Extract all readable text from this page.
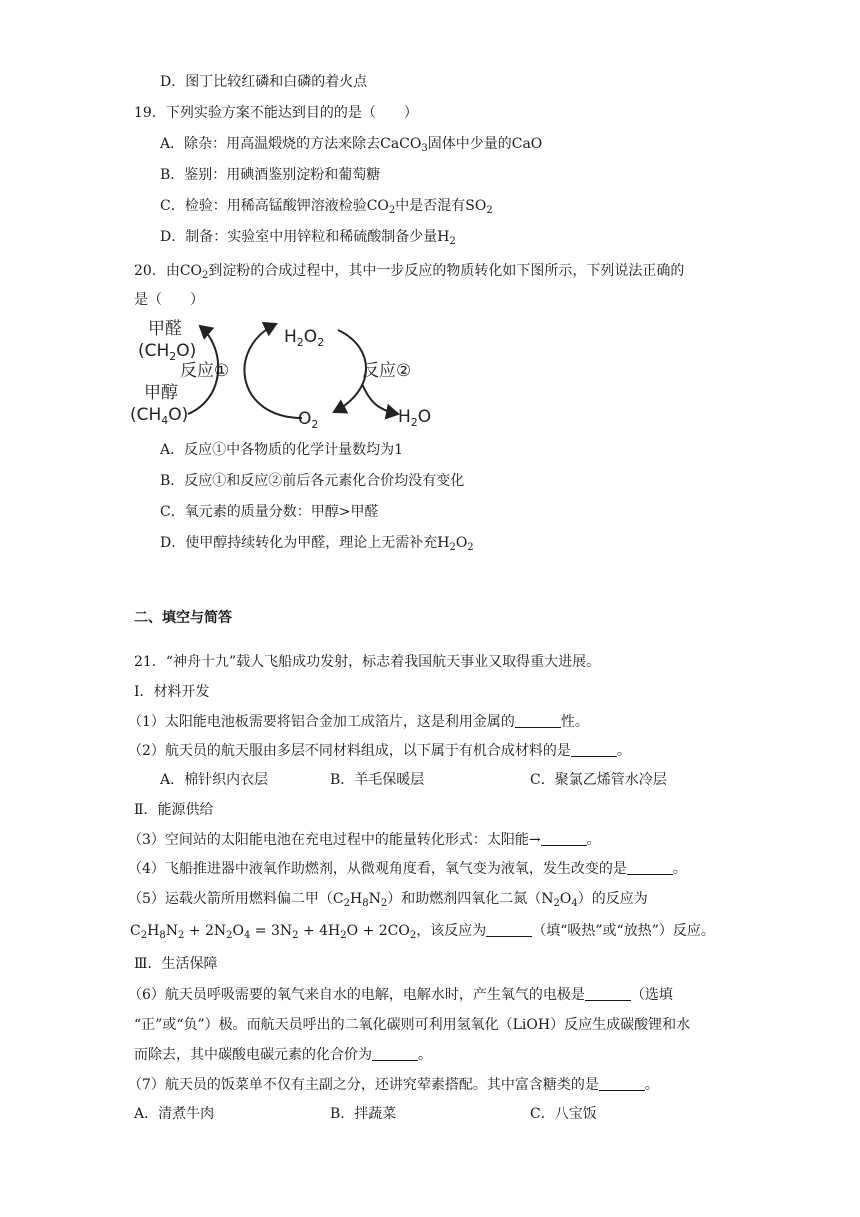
D．图丁比较红磷和白磷的着火点
19．下列实验方案不能达到目的的是（　　）
A．除杂：用高温煅烧的方法来除去CaCO$_3$固体中少量的CaO
B．鉴别：用碘酒鉴别淀粉和葡萄糖
C．检验：用稀高锰酸钾溶液检验$CO_2$中是否混有$SO_2$
D．制备：实验室中用锌粒和稀硫酸制备少量$H_2$
20．由$CO_2$到淀粉的合成过程中，其中一步反应的物质转化如下图所示，下列说法正确的
是（　　）
甲醛
$(CH_2O)$
反应①
甲醇
$(CH_4O)$
$H_2O_2$
反应②
$O_2$	$H_2O$
A．反应①中各物质的化学计量数均为1
B．反应①和反应②前后各元素化合价均没有变化
C．氧元素的质量分数：甲醇>甲醛
D．使甲醇持续转化为甲醛，理论上无需补充$H_2O_2$
二、填空与简答
21．“神舟十九”载人飞船成功发射，标志着我国航天事业又取得重大进展。
Ⅰ．材料开发
（1）太阳能电池板需要将铝合金加工成箔片，这是利用金属的	性。
（2）航天员的航天服由多层不同材料组成，以下属于有机合成材料的是	。
A．棉针织内衣层	B．羊毛保暖层	C．聚氯乙烯管水冷层
Ⅱ．能源供给
（3）空间站的太阳能电池在充电过程中的能量转化形式：太阳能→	。
（4）飞船推进器中液氧作助燃剂，从微观角度看，氧气变为液氧，发生改变的是	。
（5）运载火箭所用燃料偏二甲$(C_2H_8N_2)$和助燃剂四氧化二氮$(N_2O_4)$的反应为
$C_2H_8N_2 + 2N_2O_4 = 3N_2 + 4H_2O + 2CO_2$，该反应为	（填“吸热”或“放热”）反应。
Ⅲ．生活保障
（6）航天员呼吸需要的氧气来自水的电解，电解水时，产生氧气的电极是	（选填
“正”或“负”）极。而航天员呼出的二氧化碳则可利用氢氧化（LiOH）反应生成碳酸锂和水
而除去，其中碳酸电碳元素的化合价为	。
（7）航天员的饭菜单不仅有主副之分，还讲究荤素搭配。其中富含糖类的是	。
A．清煮牛肉	B．拌蔬菜	C．八宝饭
